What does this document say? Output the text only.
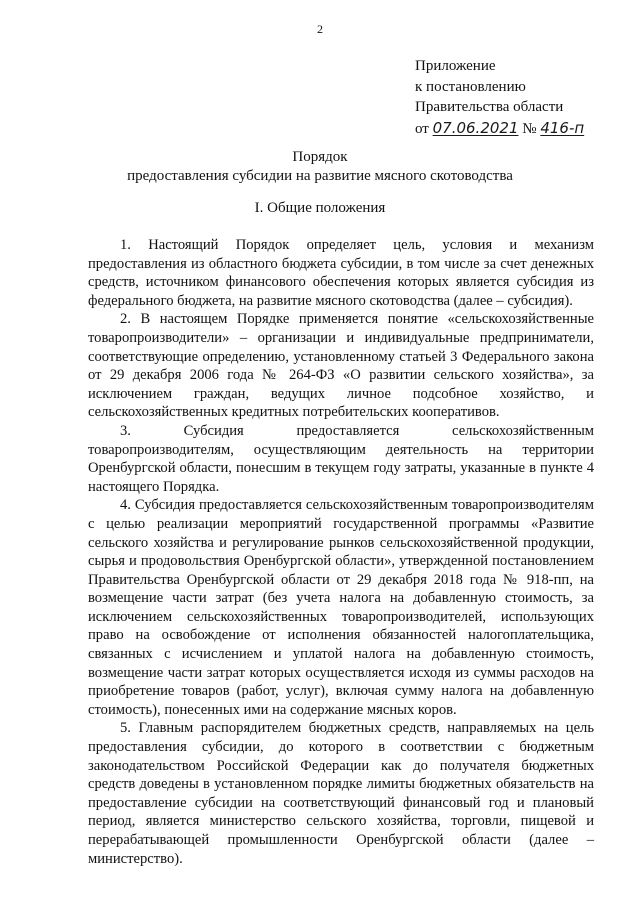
2
Приложение
к постановлению
Правительства области
от 07.06.2021 № 416-п
Порядок
предоставления субсидии на развитие мясного скотоводства
I. Общие положения

1. Настоящий Порядок определяет цель, условия и механизм предоставления из областного бюджета субсидии, в том числе за счет денежных средств, источником финансового обеспечения которых является субсидия из федерального бюджета, на развитие мясного скотоводства (далее – субсидия).

2. В настоящем Порядке применяется понятие «сельскохозяйственные товаропроизводители» – организации и индивидуальные предприниматели, соответствующие определению, установленному статьей 3 Федерального закона от 29 декабря 2006 года № 264-ФЗ «О развитии сельского хозяйства», за исключением граждан, ведущих личное подсобное хозяйство, и сельскохозяйственных кредитных потребительских кооперативов.

3. Субсидия предоставляется сельскохозяйственным товаропроизводителям, осуществляющим деятельность на территории Оренбургской области, понесшим в текущем году затраты, указанные в пункте 4 настоящего Порядка.

4. Субсидия предоставляется сельскохозяйственным товаропроизводителям с целью реализации мероприятий государственной программы «Развитие сельского хозяйства и регулирование рынков сельскохозяйственной продукции, сырья и продовольствия Оренбургской области», утвержденной постановлением Правительства Оренбургской области от 29 декабря 2018 года № 918-пп, на возмещение части затрат (без учета налога на добавленную стоимость, за исключением сельскохозяйственных товаропроизводителей, использующих право на освобождение от исполнения обязанностей налогоплательщика, связанных с исчислением и уплатой налога на добавленную стоимость, возмещение части затрат которых осуществляется исходя из суммы расходов на приобретение товаров (работ, услуг), включая сумму налога на добавленную стоимость), понесенных ими на содержание мясных коров.

5. Главным распорядителем бюджетных средств, направляемых на цель предоставления субсидии, до которого в соответствии с бюджетным законодательством Российской Федерации как до получателя бюджетных средств доведены в установленном порядке лимиты бюджетных обязательств на предоставление субсидии на соответствующий финансовый год и плановый период, является министерство сельского хозяйства, торговли, пищевой и перерабатывающей промышленности Оренбургской области (далее – министерство).
